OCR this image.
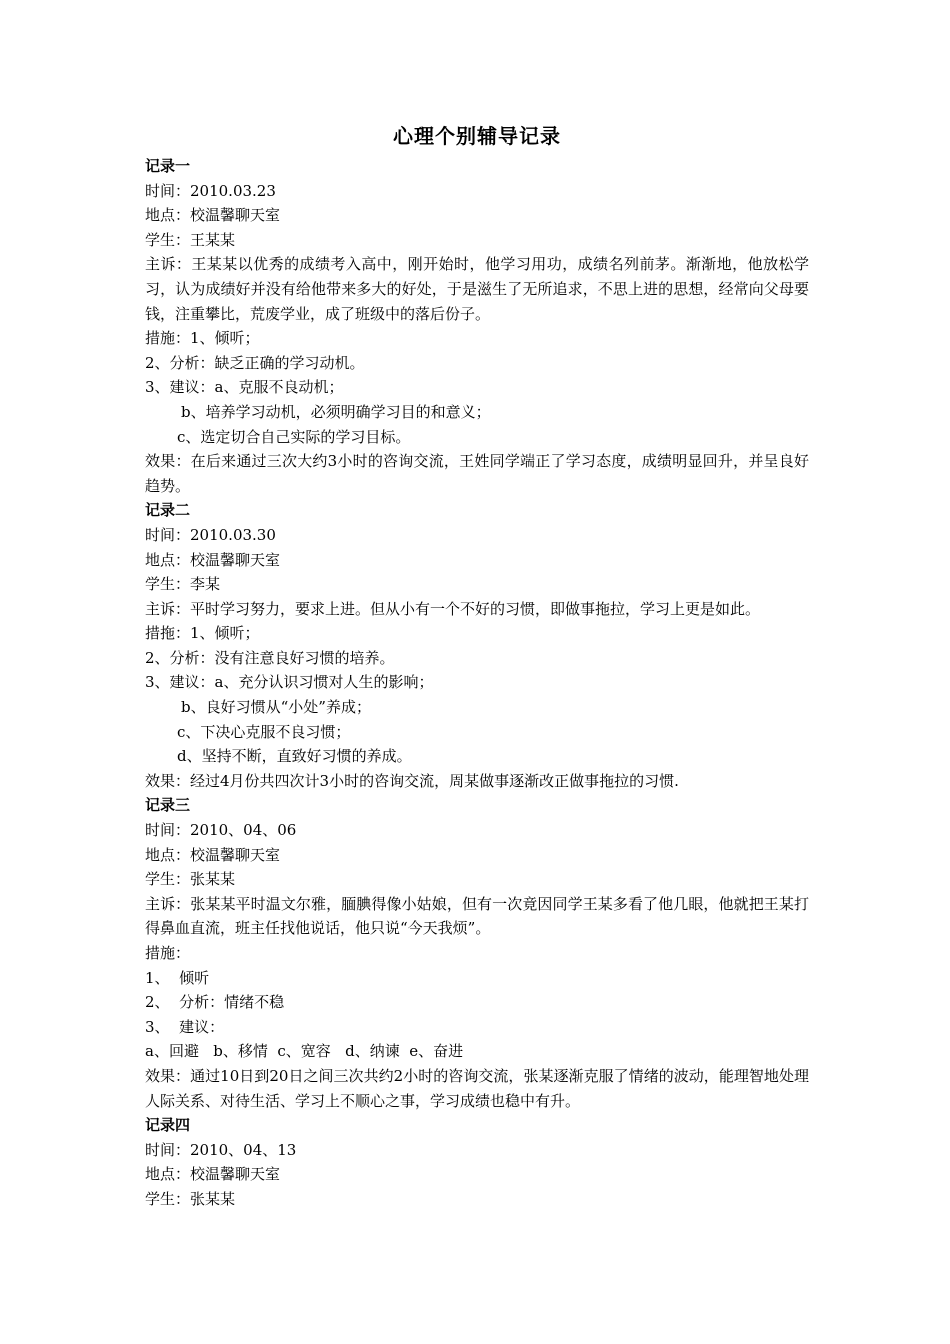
心理个别辅导记录

记录一

时间：2010.03.23

地点：校温馨聊天室

学生：王某某

主诉：王某某以优秀的成绩考入高中，刚开始时，他学习用功，成绩名列前茅。渐渐地，他放松学习，认为成绩好并没有给他带来多大的好处，于是滋生了无所追求，不思上进的思想，经常向父母要钱，注重攀比，荒废学业，成了班级中的落后份子。

措施：1、倾听；

2、分析：缺乏正确的学习动机。

3、建议：a、克服不良动机；

b、培养学习动机，必须明确学习目的和意义；

c、选定切合自己实际的学习目标。

效果：在后来通过三次大约3小时的咨询交流，王姓同学端正了学习态度，成绩明显回升，并呈良好趋势。

记录二

时间：2010.03.30

地点：校温馨聊天室

学生：李某

主诉：平时学习努力，要求上进。但从小有一个不好的习惯，即做事拖拉，学习上更是如此。

措拖：1、倾听；

2、分析：没有注意良好习惯的培养。

3、建议：a、充分认识习惯对人生的影响；

b、良好习惯从“小处”养成；

c、下决心克服不良习惯；

d、坚持不断，直致好习惯的养成。

效果：经过4月份共四次计3小时的咨询交流，周某做事逐渐改正做事拖拉的习惯.

记录三

时间：2010、04、06

地点：校温馨聊天室

学生：张某某

主诉：张某某平时温文尔雅，腼腆得像小姑娘，但有一次竟因同学王某多看了他几眼，他就把王某打得鼻血直流，班主任找他说话，他只说“今天我烦”。

措施：

1、  倾听

2、  分析：情绪不稳

3、  建议：

a、回避   b、移情  c、宽容   d、纳谏  e、奋进

效果：通过10日到20日之间三次共约2小时的咨询交流，张某逐渐克服了情绪的波动，能理智地处理人际关系、对待生活、学习上不顺心之事，学习成绩也稳中有升。

记录四

时间：2010、04、13

地点：校温馨聊天室

学生：张某某
